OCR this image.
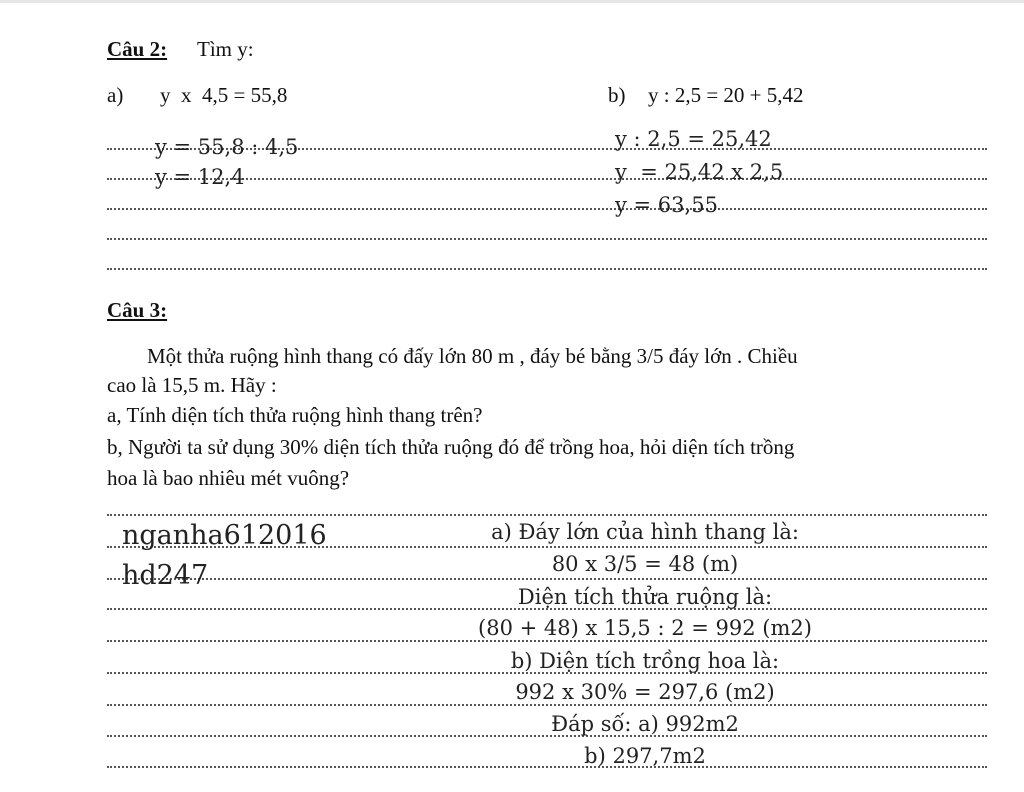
Câu 2: Tìm y:
a) y  x  4,5 = 55,8	b) y : 2,5 = 20 + 5,42
y = 55,8 : 4,5
y = 12,4
y : 2,5 = 25,42
y  = 25,42 x 2,5
y = 63,55
Câu 3:
Một thửa ruộng hình thang có đấy lớn 80 m , đáy bé bằng 3/5 đáy lớn . Chiều
cao là 15,5 m. Hãy :
a, Tính diện tích thửa ruộng hình thang trên?
b, Người ta sử dụng 30% diện tích thửa ruộng đó để trồng hoa, hỏi diện tích trồng
hoa là bao nhiêu mét vuông?
nganha612016
hd247
a) Đáy lớn của hình thang là:
80 x 3/5 = 48 (m)
Diện tích thửa ruộng là:
(80 + 48) x 15,5 : 2 = 992 (m2)
b) Diện tích trồng hoa là:
992 x 30% = 297,6 (m2)
Đáp số: a) 992m2
b) 297,7m2
